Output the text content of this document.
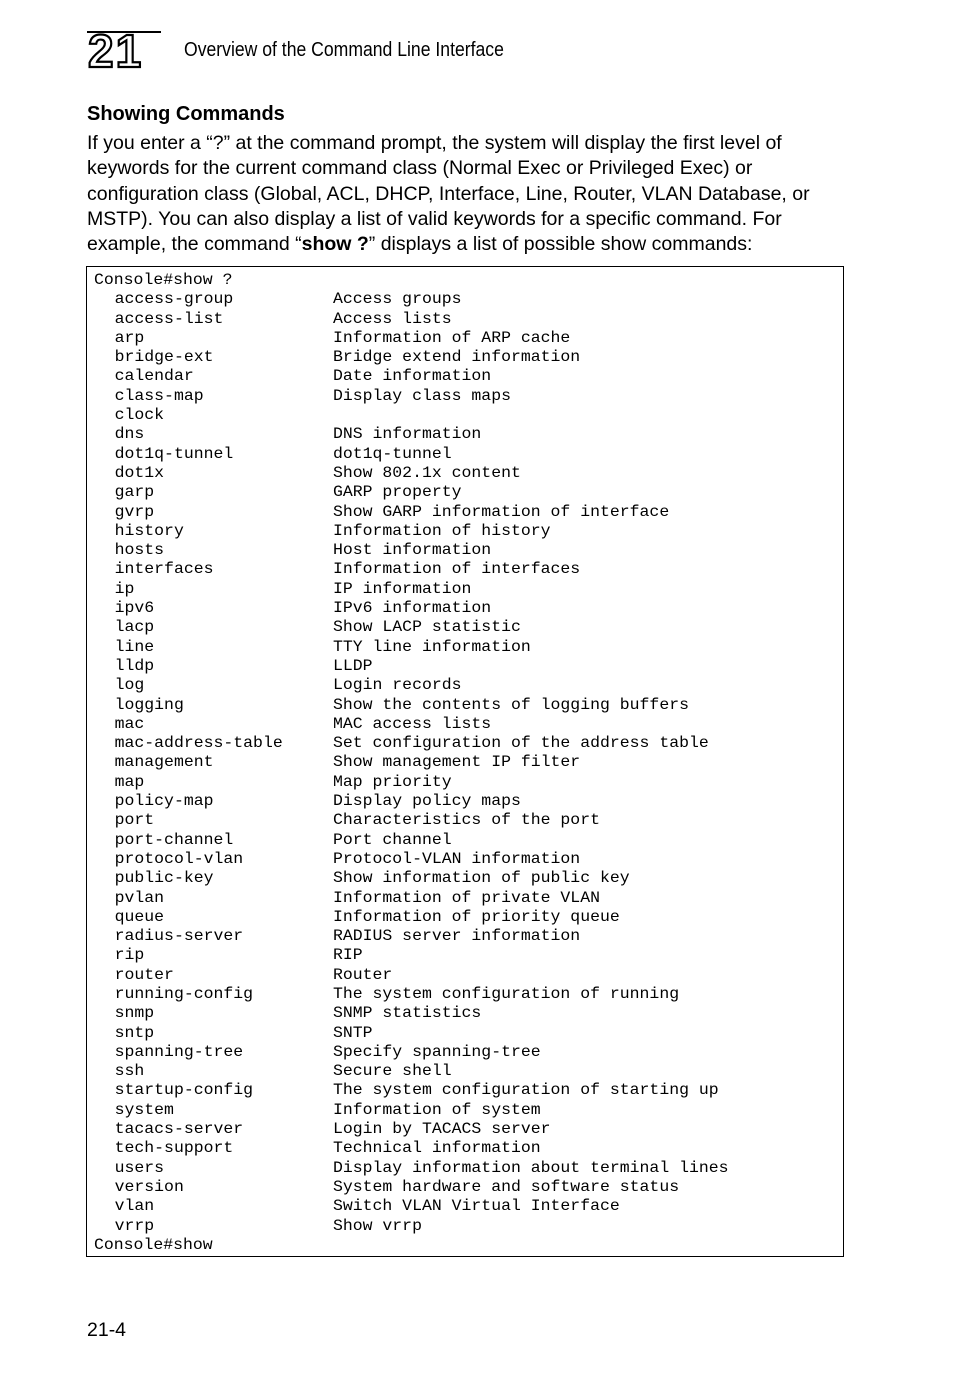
21 Overview of the Command Line Interface
Showing Commands
If you enter a “?” at the command prompt, the system will display the first level of
keywords for the current command class (Normal Exec or Privileged Exec) or
configuration class (Global, ACL, DHCP, Interface, Line, Router, VLAN Database, or
MSTP). You can also display a list of valid keywords for a specific command. For
example, the command “show ?” displays a list of possible show commands:
Console#show ?
access-group	Access groups
access-list	Access lists
arp	Information of ARP cache
bridge-ext	Bridge extend information
calendar	Date information
class-map	Display class maps
clock
dns	DNS information
dot1q-tunnel	dot1q-tunnel
dot1x	Show 802.1x content
garp	GARP property
gvrp	Show GARP information of interface
history	Information of history
hosts	Host information
interfaces	Information of interfaces
ip	IP information
ipv6	IPv6 information
lacp	Show LACP statistic
line	TTY line information
lldp	LLDP
log	Login records
logging	Show the contents of logging buffers
mac	MAC access lists
mac-address-table	Set configuration of the address table
management	Show management IP filter
map	Map priority
policy-map	Display policy maps
port	Characteristics of the port
port-channel	Port channel
protocol-vlan	Protocol-VLAN information
public-key	Show information of public key
pvlan	Information of private VLAN
queue	Information of priority queue
radius-server	RADIUS server information
rip	RIP
router	Router
running-config	The system configuration of running
snmp	SNMP statistics
sntp	SNTP
spanning-tree	Specify spanning-tree
ssh	Secure shell
startup-config	The system configuration of starting up
system	Information of system
tacacs-server	Login by TACACS server
tech-support	Technical information
users	Display information about terminal lines
version	System hardware and software status
vlan	Switch VLAN Virtual Interface
vrrp	Show vrrp
Console#show
21-4
